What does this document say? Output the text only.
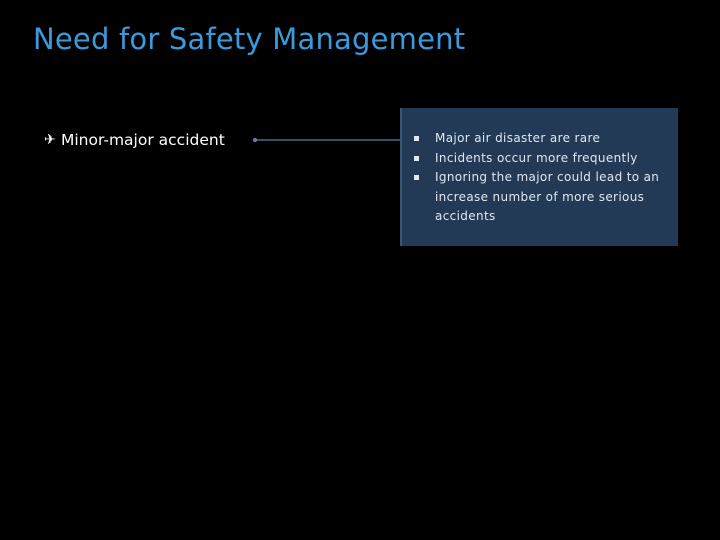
Need for Safety Management
✈ Minor-major accident	Major air disaster are rare
Incidents occur more frequently
Ignoring the major could lead to an increase number of more serious accidents
